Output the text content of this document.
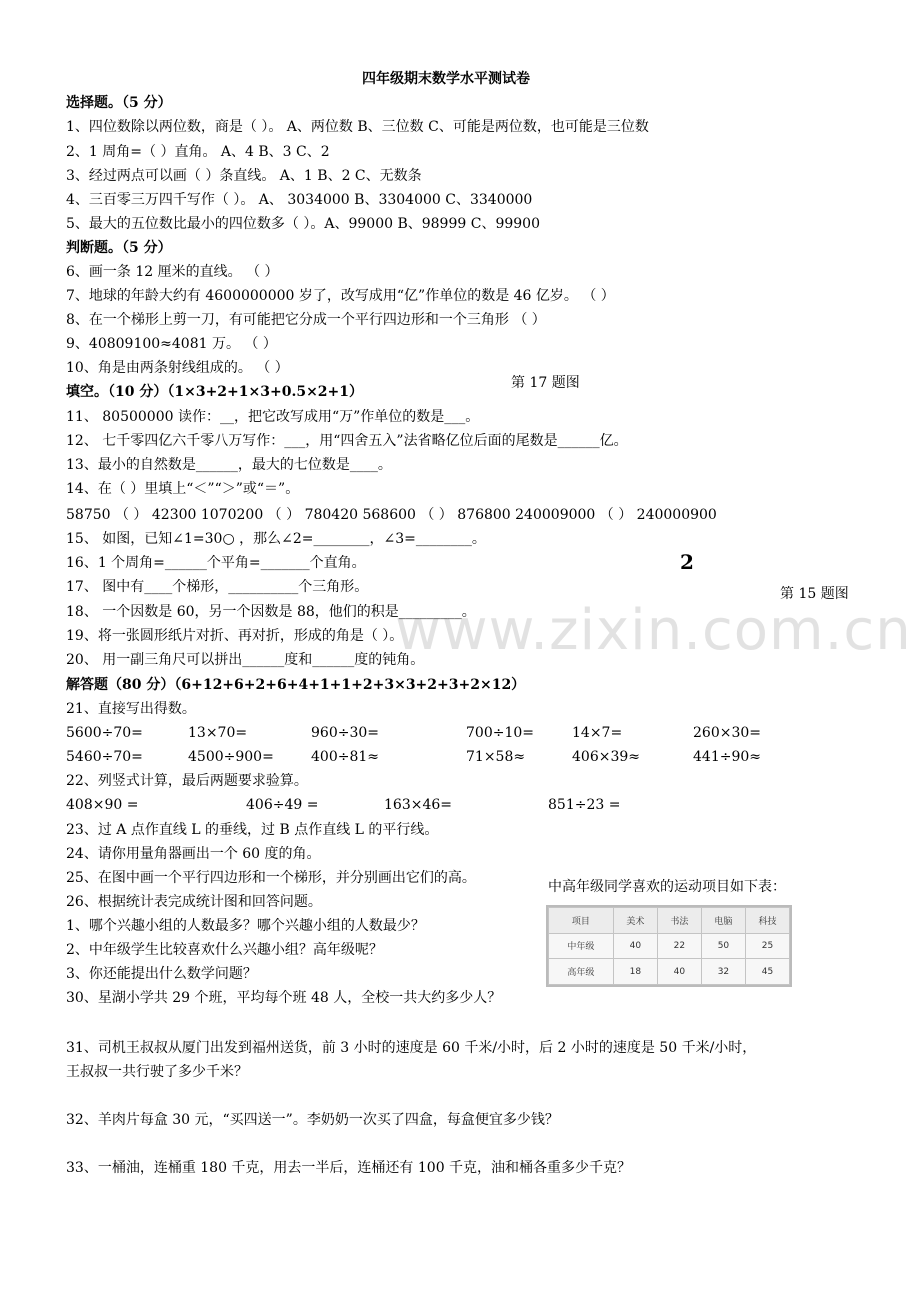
四年级期末数学水平测试卷
www.zixin.com.cn
选择题。（5 分）
1、四位数除以两位数，商是（ ）。 A、两位数 B、三位数 C、可能是两位数，也可能是三位数
2、1 周角=（ ）直角。 A、4 B、3 C、2
3、经过两点可以画（ ）条直线。 A、1 B、2 C、无数条
4、三百零三万四千写作（ ）。 A、 3034000 B、3304000 C、3340000
5、最大的五位数比最小的四位数多（ ）。A、99000 B、98999 C、99900
判断题。（5 分）
6、画一条 12 厘米的直线。 （ ）
7、地球的年龄大约有 4600000000 岁了，改写成用“亿”作单位的数是 46 亿岁。 （ ）
8、在一个梯形上剪一刀，有可能把它分成一个平行四边形和一个三角形 （ ）
9、40809100≈4081 万。 （ ）
10、角是由两条射线组成的。 （ ）
第 17 题图
填空。（10 分）（1×3+2+1×3+0.5×2+1）
11、 80500000 读作：__，把它改写成用“万”作单位的数是___。
12、 七千零四亿六千零八万写作：___，用“四舍五入”法省略亿位后面的尾数是______亿。
13、最小的自然数是______，最大的七位数是____。
14、在（ ）里填上“＜”“＞”或“＝”。
58750 （ ） 42300 1070200 （ ） 780420 568600 （ ） 876800 240009000 （ ） 240000900
15、 如图，已知∠1=30○ ，那么∠2=________，∠3=________。
16、1 个周角=______个平角=_______个直角。	2
17、 图中有____个梯形，__________个三角形。	第 15 题图
18、 一个因数是 60，另一个因数是 88，他们的积是_________。
19、将一张圆形纸片对折、再对折，形成的角是（ ）。
20、 用一副三角尺可以拼出______度和______度的钝角。
解答题（80 分）（6+12+6+2+6+4+1+1+2+3×3+2+3+2×12）
21、直接写出得数。
5600÷70=	13×70=	960÷30=	700÷10=	14×7=	260×30=
5460÷70=	4500÷900=	400÷81≈	71×58≈	406×39≈	441÷90≈
22、列竖式计算，最后两题要求验算。
408×90 =	406÷49 =	163×46=	851÷23 =
23、过 A 点作直线 L 的垂线，过 B 点作直线 L 的平行线。
24、请你用量角器画出一个 60 度的角。
25、在图中画一个平行四边形和一个梯形，并分别画出它们的高。
中高年级同学喜欢的运动项目如下表：
26、根据统计表完成统计图和回答问题。
1、哪个兴趣小组的人数最多？哪个兴趣小组的人数最少？
2、中年级学生比较喜欢什么兴趣小组？高年级呢？
3、你还能提出什么数学问题？
30、星湖小学共 29 个班，平均每个班 48 人，全校一共大约多少人？
31、司机王叔叔从厦门出发到福州送货，前 3 小时的速度是 60 千米/小时，后 2 小时的速度是 50 千米/小时，
王叔叔一共行驶了多少千米？
32、羊肉片每盒 30 元，“买四送一”。李奶奶一次买了四盒，每盒便宜多少钱？
33、一桶油，连桶重 180 千克，用去一半后，连桶还有 100 千克，油和桶各重多少千克？
项目	美术	书法	电脑	科技
中年级	40	22	50	25
高年级	18	40	32	45
